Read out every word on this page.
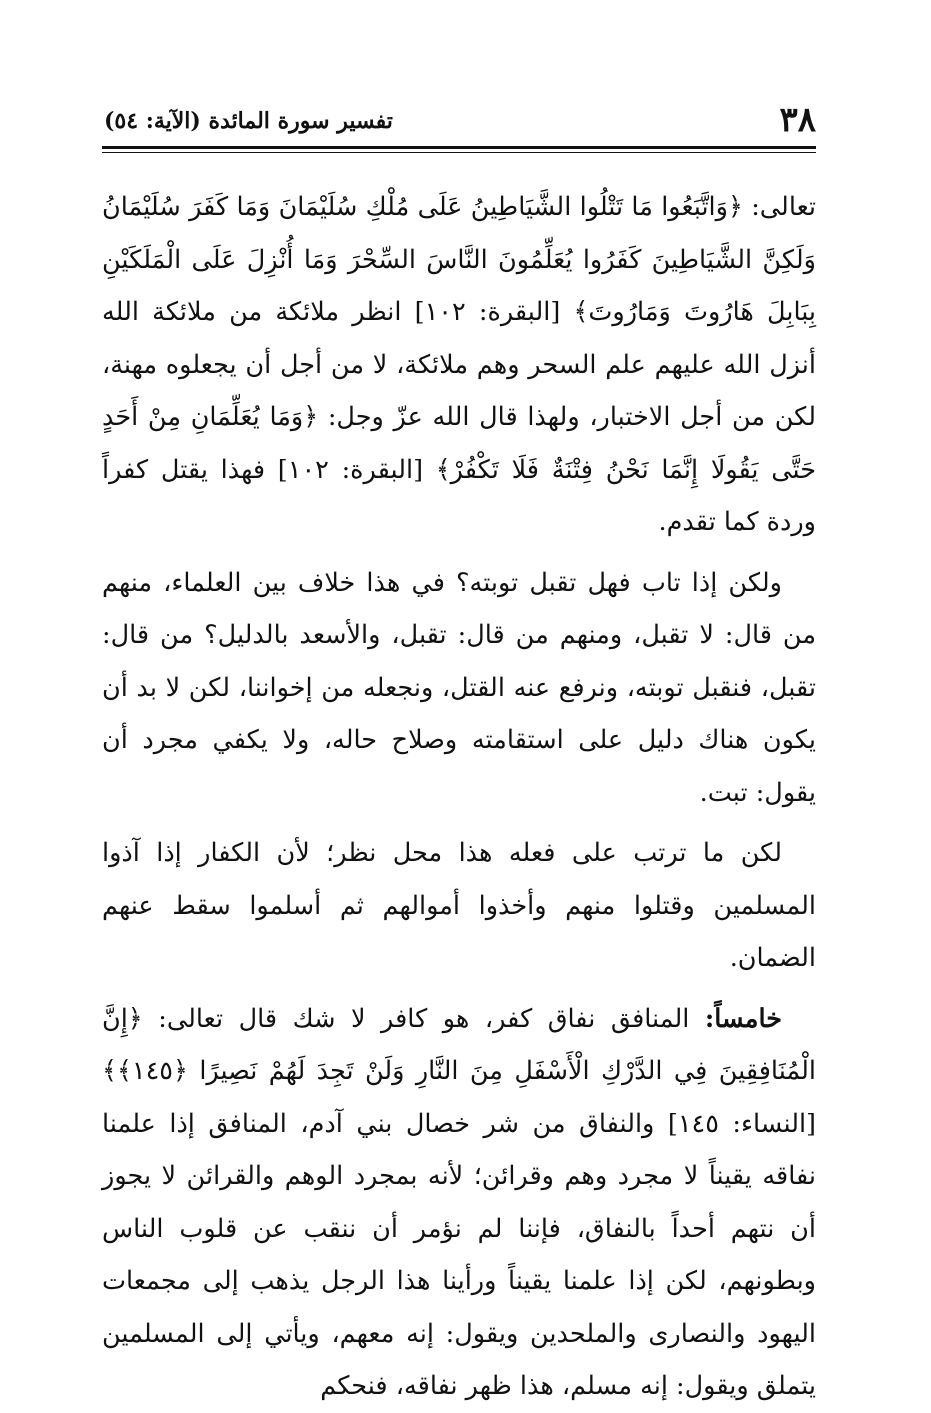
٣٨
تفسير سورة المائدة (الآية: ٥٤)

تعالى: ﴿وَاتَّبَعُوا مَا تَتْلُوا الشَّيَاطِينُ عَلَى مُلْكِ سُلَيْمَانَ وَمَا كَفَرَ سُلَيْمَانُ وَلَكِنَّ الشَّيَاطِينَ كَفَرُوا يُعَلِّمُونَ النَّاسَ السِّحْرَ وَمَا أُنْزِلَ عَلَى الْمَلَكَيْنِ بِبَابِلَ هَارُوتَ وَمَارُوتَ﴾ [البقرة: ١٠٢] انظر ملائكة من ملائكة الله أنزل الله عليهم علم السحر وهم ملائكة، لا من أجل أن يجعلوه مهنة، لكن من أجل الاختبار، ولهذا قال الله عزّ وجل: ﴿وَمَا يُعَلِّمَانِ مِنْ أَحَدٍ حَتَّى يَقُولَا إِنَّمَا نَحْنُ فِتْنَةٌ فَلَا تَكْفُرْ﴾ [البقرة: ١٠٢] فهذا يقتل كفراً وردة كما تقدم.

ولكن إذا تاب فهل تقبل توبته؟ في هذا خلاف بين العلماء، منهم من قال: لا تقبل، ومنهم من قال: تقبل، والأسعد بالدليل؟ من قال: تقبل، فنقبل توبته، ونرفع عنه القتل، ونجعله من إخواننا، لكن لا بد أن يكون هناك دليل على استقامته وصلاح حاله، ولا يكفي مجرد أن يقول: تبت.

لكن ما ترتب على فعله هذا محل نظر؛ لأن الكفار إذا آذوا المسلمين وقتلوا منهم وأخذوا أموالهم ثم أسلموا سقط عنهم الضمان.

خامساً: المنافق نفاق كفر، هو كافر لا شك قال تعالى: ﴿إِنَّ الْمُنَافِقِينَ فِي الدَّرْكِ الْأَسْفَلِ مِنَ النَّارِ وَلَنْ تَجِدَ لَهُمْ نَصِيرًا ﴿١٤٥﴾﴾ [النساء: ١٤٥] والنفاق من شر خصال بني آدم، المنافق إذا علمنا نفاقه يقيناً لا مجرد وهم وقرائن؛ لأنه بمجرد الوهم والقرائن لا يجوز أن نتهم أحداً بالنفاق، فإننا لم نؤمر أن ننقب عن قلوب الناس وبطونهم، لكن إذا علمنا يقيناً ورأينا هذا الرجل يذهب إلى مجمعات اليهود والنصارى والملحدين ويقول: إنه معهم، ويأتي إلى المسلمين يتملق ويقول: إنه مسلم، هذا ظهر نفاقه، فنحكم
